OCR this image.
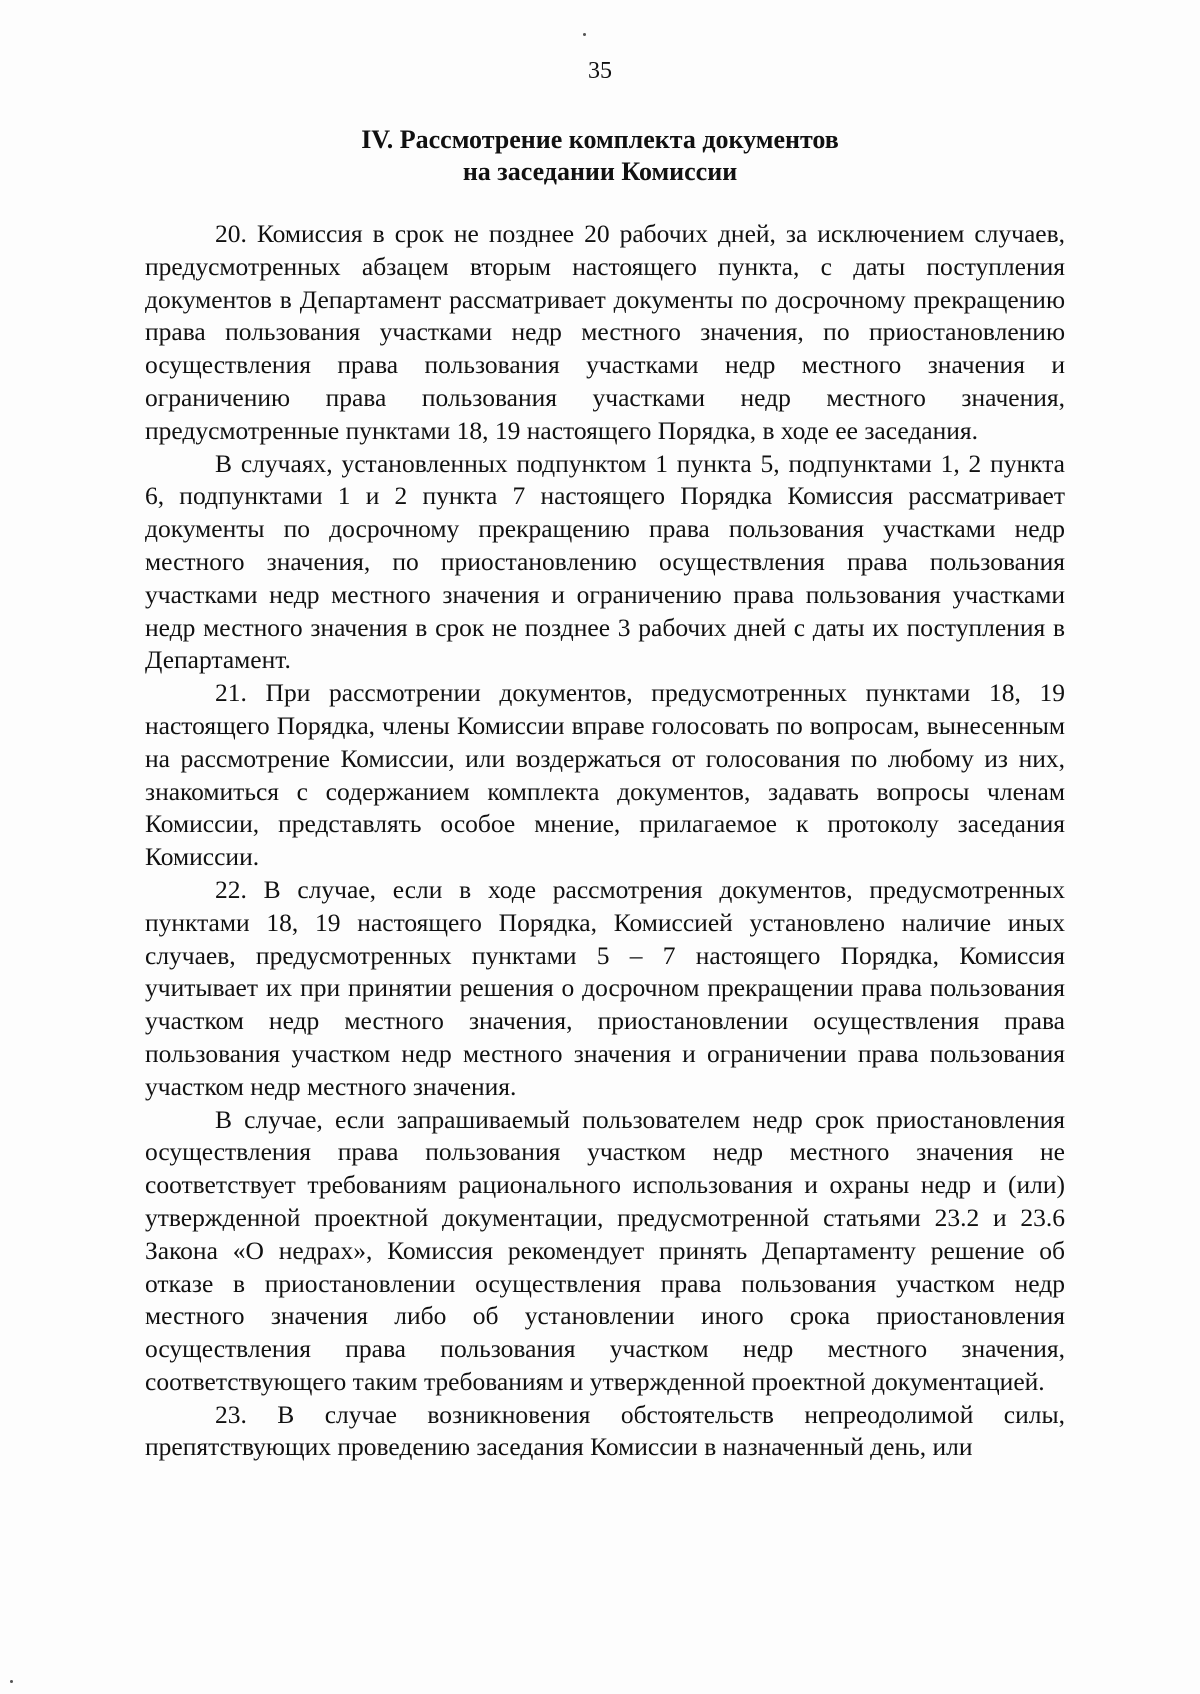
35
IV. Рассмотрение комплекта документов
на заседании Комиссии

20. Комиссия в срок не позднее 20 рабочих дней, за исключением случаев, предусмотренных абзацем вторым настоящего пункта, с даты поступления документов в Департамент рассматривает документы по досрочному прекращению права пользования участками недр местного значения, по приостановлению осуществления права пользования участками недр местного значения и ограничению права пользования участками недр местного значения, предусмотренные пунктами 18, 19 настоящего Порядка, в ходе ее заседания.

В случаях, установленных подпунктом 1 пункта 5, подпунктами 1, 2 пункта 6, подпунктами 1 и 2 пункта 7 настоящего Порядка Комиссия рассматривает документы по досрочному прекращению права пользования участками недр местного значения, по приостановлению осуществления права пользования участками недр местного значения и ограничению права пользования участками недр местного значения в срок не позднее 3 рабочих дней с даты их поступления в Департамент.

21. При рассмотрении документов, предусмотренных пунктами 18, 19 настоящего Порядка, члены Комиссии вправе голосовать по вопросам, вынесенным на рассмотрение Комиссии, или воздержаться от голосования по любому из них, знакомиться с содержанием комплекта документов, задавать вопросы членам Комиссии, представлять особое мнение, прилагаемое к протоколу заседания Комиссии.

22. В случае, если в ходе рассмотрения документов, предусмотренных пунктами 18, 19 настоящего Порядка, Комиссией установлено наличие иных случаев, предусмотренных пунктами 5 – 7 настоящего Порядка, Комиссия учитывает их при принятии решения о досрочном прекращении права пользования участком недр местного значения, приостановлении осуществления права пользования участком недр местного значения и ограничении права пользования участком недр местного значения.

В случае, если запрашиваемый пользователем недр срок приостановления осуществления права пользования участком недр местного значения не соответствует требованиям рационального использования и охраны недр и (или) утвержденной проектной документации, предусмотренной статьями 23.2 и 23.6 Закона «О недрах», Комиссия рекомендует принять Департаменту решение об отказе в приостановлении осуществления права пользования участком недр местного значения либо об установлении иного срока приостановления осуществления права пользования участком недр местного значения, соответствующего таким требованиям и утвержденной проектной документацией.

23. В случае возникновения обстоятельств непреодолимой силы, препятствующих проведению заседания Комиссии в назначенный день, или
